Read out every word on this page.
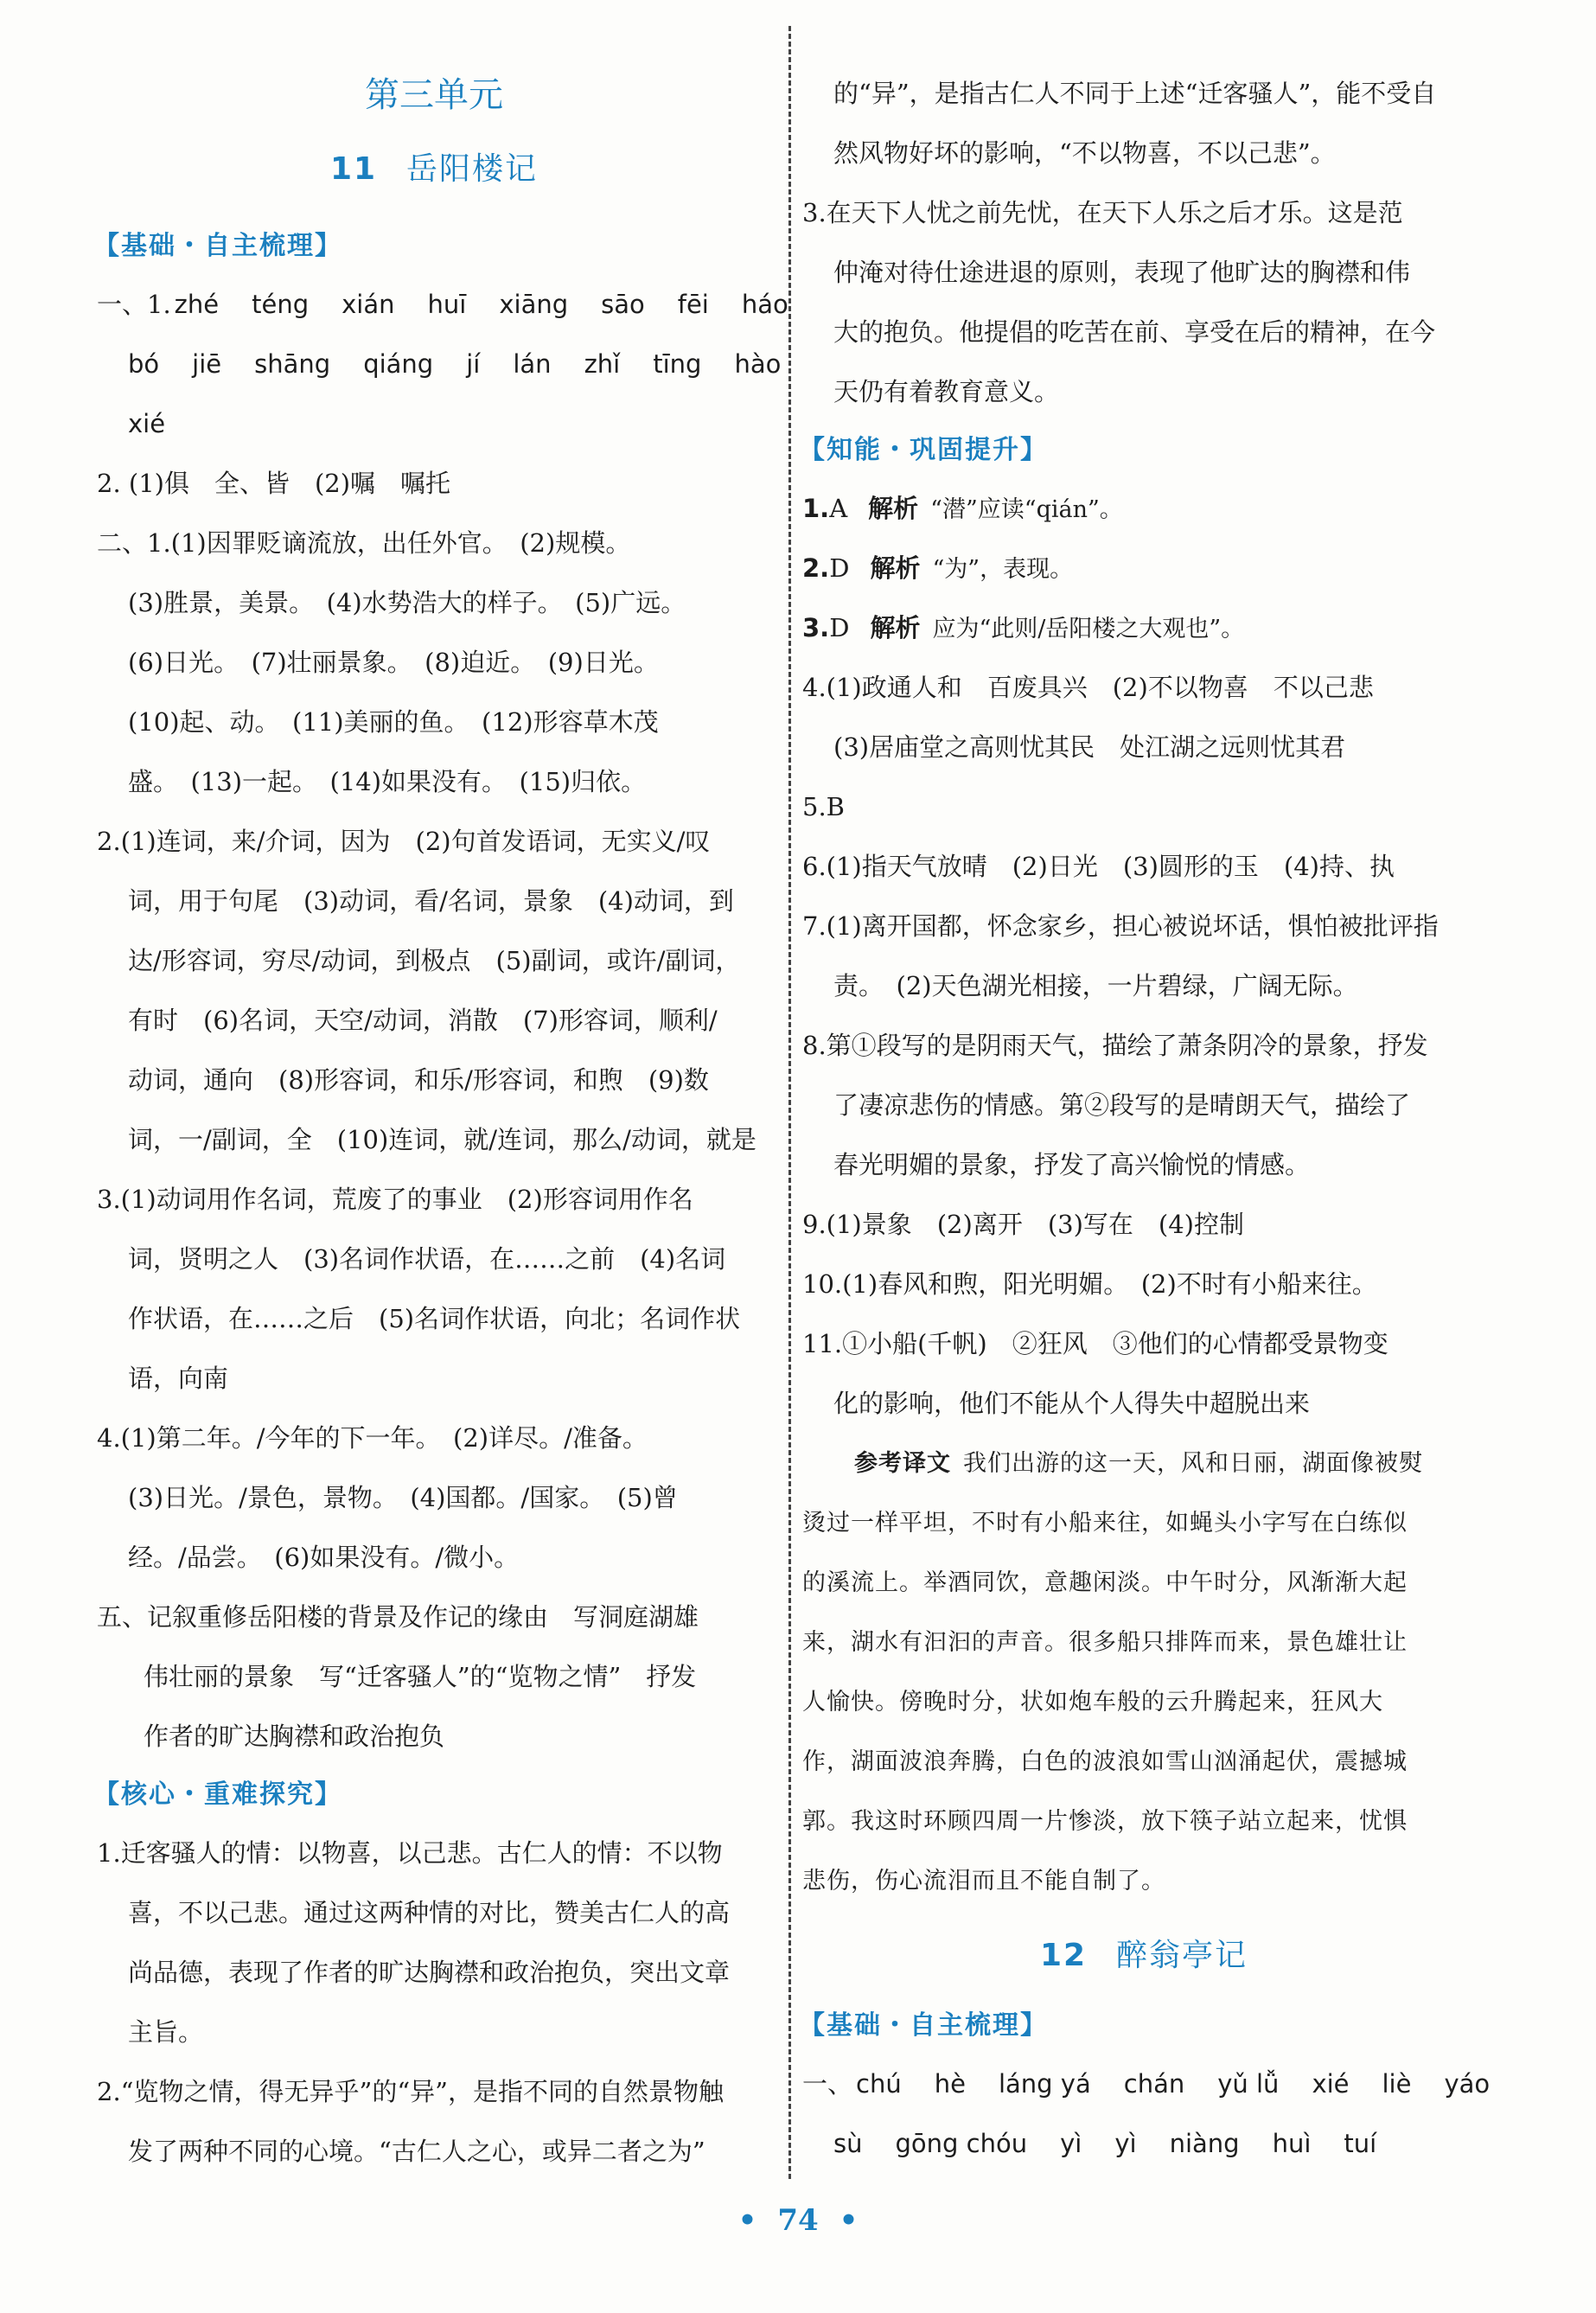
第三单元
11 岳阳楼记
【基础・自主梳理】
一、1. zhé téng xián huī xiāng sāo fēi háo
bó jiē shāng qiáng jí lán zhǐ tīng hào
xié
2. (1)俱　全、皆　(2)嘱　嘱托
二、1.(1)因罪贬谪流放，出任外官。　(2)规模。
(3)胜景，美景。　(4)水势浩大的样子。　(5)广远。
(6)日光。　(7)壮丽景象。　(8)迫近。　(9)日光。
(10)起、动。　(11)美丽的鱼。　(12)形容草木茂
盛。　(13)一起。　(14)如果没有。　(15)归依。
2.(1)连词，来/介词，因为　(2)句首发语词，无实义/叹
词，用于句尾　(3)动词，看/名词，景象　(4)动词，到
达/形容词，穷尽/动词，到极点　(5)副词，或许/副词，
有时　(6)名词，天空/动词，消散　(7)形容词，顺利/
动词，通向　(8)形容词，和乐/形容词，和煦　(9)数
词，一/副词，全　(10)连词，就/连词，那么/动词，就是
3.(1)动词用作名词，荒废了的事业　(2)形容词用作名
词，贤明之人　(3)名词作状语，在……之前　(4)名词
作状语，在……之后　(5)名词作状语，向北；名词作状
语，向南
4.(1)第二年。/今年的下一年。　(2)详尽。/准备。
(3)日光。/景色，景物。　(4)国都。/国家。　(5)曾
经。/品尝。　(6)如果没有。/微小。
五、记叙重修岳阳楼的背景及作记的缘由　写洞庭湖雄
伟壮丽的景象　写“迁客骚人”的“览物之情”　抒发
作者的旷达胸襟和政治抱负
【核心・重难探究】
1.迁客骚人的情：以物喜，以己悲。古仁人的情：不以物
喜，不以己悲。通过这两种情的对比，赞美古仁人的高
尚品德，表现了作者的旷达胸襟和政治抱负，突出文章
主旨。
2.“览物之情，得无异乎”的“异”，是指不同的自然景物触
发了两种不同的心境。“古仁人之心，或异二者之为”
的“异”，是指古仁人不同于上述“迁客骚人”，能不受自
然风物好坏的影响，“不以物喜，不以己悲”。
3.在天下人忧之前先忧，在天下人乐之后才乐。这是范
仲淹对待仕途进退的原则，表现了他旷达的胸襟和伟
大的抱负。他提倡的吃苦在前、享受在后的精神，在今
天仍有着教育意义。
【知能・巩固提升】
1.A 解析 “潜”应读“qián”。
2.D 解析 “为”，表现。
3.D 解析 应为“此则/岳阳楼之大观也”。
4.(1)政通人和　百废具兴　(2)不以物喜　不以己悲
(3)居庙堂之高则忧其民　处江湖之远则忧其君
5.B
6.(1)指天气放晴　(2)日光　(3)圆形的玉　(4)持、执
7.(1)离开国都，怀念家乡，担心被说坏话，惧怕被批评指
责。　(2)天色湖光相接，一片碧绿，广阔无际。
8.第①段写的是阴雨天气，描绘了萧条阴冷的景象，抒发
了凄凉悲伤的情感。第②段写的是晴朗天气，描绘了
春光明媚的景象，抒发了高兴愉悦的情感。
9.(1)景象　(2)离开　(3)写在　(4)控制
10.(1)春风和煦，阳光明媚。　(2)不时有小船来往。
11.①小船(千帆)　②狂风　③他们的心情都受景物变
化的影响，他们不能从个人得失中超脱出来
参考译文 我们出游的这一天，风和日丽，湖面像被熨
烫过一样平坦，不时有小船来往，如蝇头小字写在白练似
的溪流上。举酒同饮，意趣闲淡。中午时分，风渐渐大起
来，湖水有汩汩的声音。很多船只排阵而来，景色雄壮让
人愉快。傍晚时分，状如炮车般的云升腾起来，狂风大
作，湖面波浪奔腾，白色的波浪如雪山汹涌起伏，震撼城
郭。我这时环顾四周一片惨淡，放下筷子站立起来，忧惧
悲伤，伤心流泪而且不能自制了。
12 醉翁亭记
【基础・自主梳理】
一、 chú hè láng yá chán yǔ lǚ xié liè yáo
sù gōng chóu yì yì niàng huì tuí
• 74 •
